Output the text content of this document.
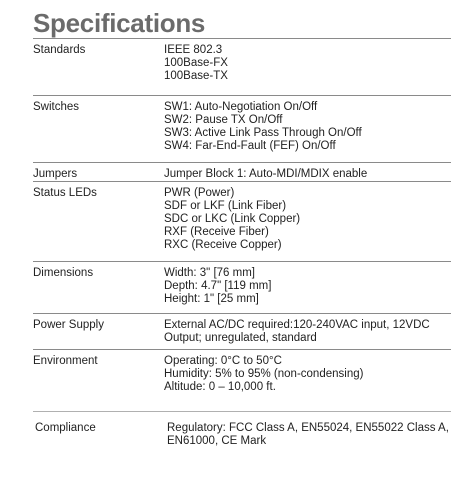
Specifications
Standards	IEEE 802.3
100Base-FX
100Base-TX
Switches	SW1: Auto-Negotiation On/Off
SW2: Pause TX On/Off
SW3: Active Link Pass Through On/Off
SW4: Far-End-Fault (FEF) On/Off
Jumpers	Jumper Block 1: Auto-MDI/MDIX enable
Status LEDs	PWR (Power)
SDF or LKF (Link Fiber)
SDC or LKC (Link Copper)
RXF (Receive Fiber)
RXC (Receive Copper)
Dimensions	Width: 3" [76 mm]
Depth: 4.7" [119 mm]
Height: 1" [25 mm]
Power Supply	External AC/DC required:120-240VAC input, 12VDC Output; unregulated, standard
Environment	Operating: 0°C to 50°C
Humidity: 5% to 95% (non-condensing)
Altitude: 0 – 10,000 ft.
Compliance	Regulatory: FCC Class A, EN55024, EN55022 Class A, EN61000, CE Mark
